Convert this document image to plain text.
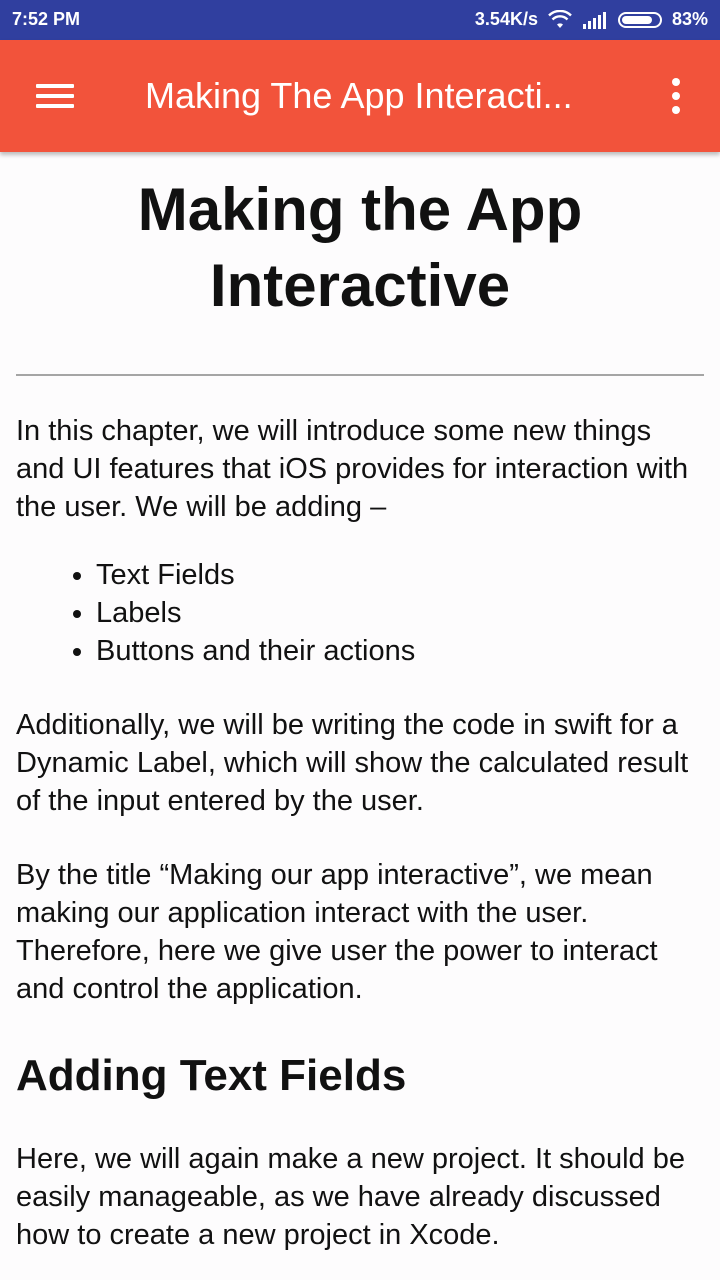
7:52 PM	3.54K/s	83%
Making The App Interacti...
Making the App Interactive

In this chapter, we will introduce some new things and UI features that iOS provides for interaction with the user. We will be adding –

• Text Fields
• Labels
• Buttons and their actions

Additionally, we will be writing the code in swift for a Dynamic Label, which will show the calculated result of the input entered by the user.

By the title “Making our app interactive”, we mean making our application interact with the user. Therefore, here we give user the power to interact and control the application.

Adding Text Fields

Here, we will again make a new project. It should be easily manageable, as we have already discussed how to create a new project in Xcode.
